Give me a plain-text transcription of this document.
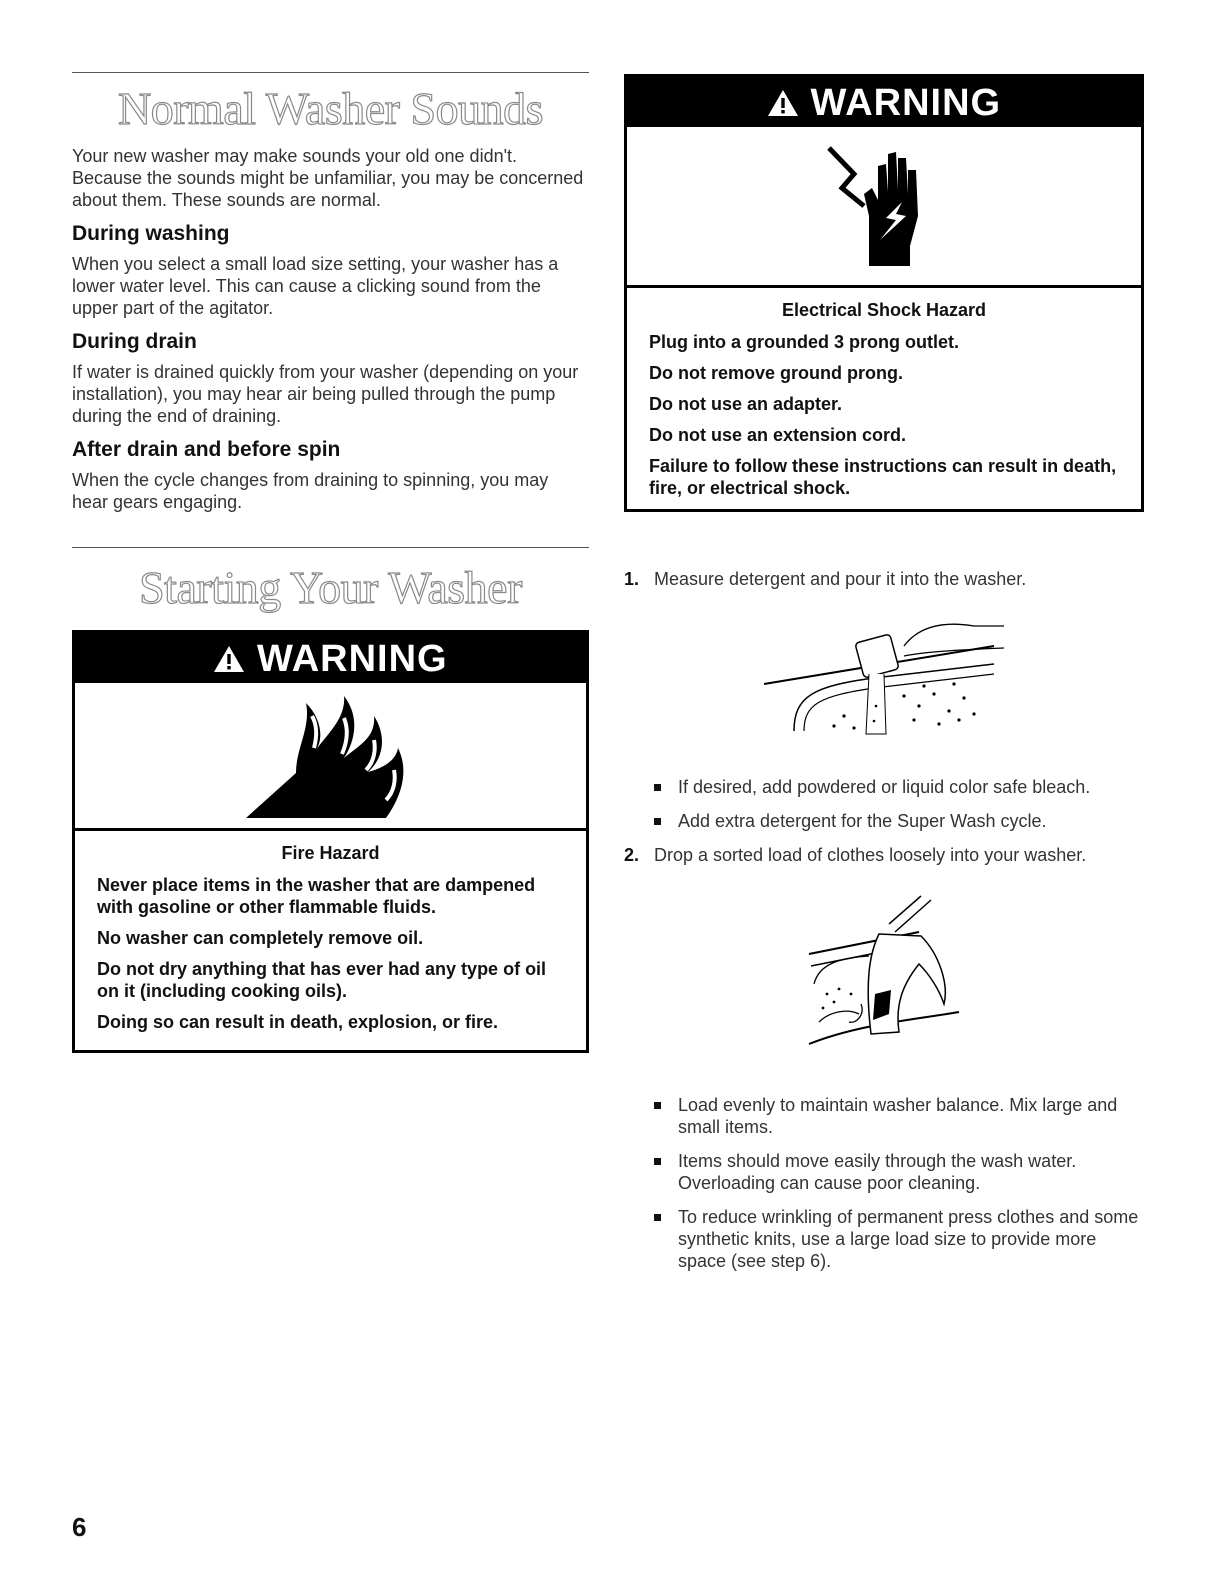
Normal Washer Sounds

Your new washer may make sounds your old one didn't. Because the sounds might be unfamiliar, you may be concerned about them. These sounds are normal.

During washing

When you select a small load size setting, your washer has a lower water level. This can cause a clicking sound from the upper part of the agitator.

During drain

If water is drained quickly from your washer (depending on your installation), you may hear air being pulled through the pump during the end of draining.

After drain and before spin

When the cycle changes from draining to spinning, you may hear gears engaging.

Starting Your Washer
WARNING
Fire Hazard
Never place items in the washer that are dampened with gasoline or other flammable fluids.
No washer can completely remove oil.
Do not dry anything that has ever had any type of oil on it (including cooking oils).
Doing so can result in death, explosion, or fire.
WARNING
Electrical Shock Hazard
Plug into a grounded 3 prong outlet.
Do not remove ground prong.
Do not use an adapter.
Do not use an extension cord.
Failure to follow these instructions can result in death, fire, or electrical shock.
1. Measure detergent and pour it into the washer.
If desired, add powdered or liquid color safe bleach.
Add extra detergent for the Super Wash cycle.
2. Drop a sorted load of clothes loosely into your washer.
Load evenly to maintain washer balance. Mix large and small items.
Items should move easily through the wash water. Overloading can cause poor cleaning.
To reduce wrinkling of permanent press clothes and some synthetic knits, use a large load size to provide more space (see step 6).
6
